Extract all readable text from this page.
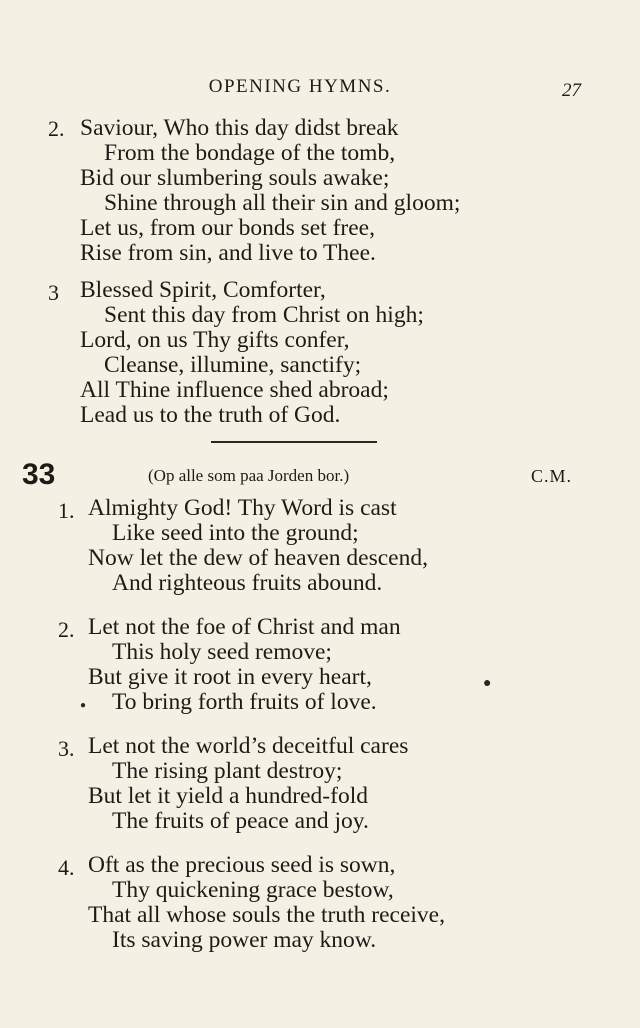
OPENING HYMNS.	27
2. Saviour, Who this day didst break
From the bondage of the tomb,
Bid our slumbering souls awake;
Shine through all their sin and gloom;
Let us, from our bonds set free,
Rise from sin, and live to Thee.
3 Blessed Spirit, Comforter,
Sent this day from Christ on high;
Lord, on us Thy gifts confer,
Cleanse, illumine, sanctify;
All Thine influence shed abroad;
Lead us to the truth of God.
33	(Op alle som paa Jorden bor.)	C.M.
1. Almighty God! Thy Word is cast
Like seed into the ground;
Now let the dew of heaven descend,
And righteous fruits abound.
2. Let not the foe of Christ and man
This holy seed remove;
But give it root in every heart,
To bring forth fruits of love.
●
●
3. Let not the world’s deceitful cares
The rising plant destroy;
But let it yield a hundred-fold
The fruits of peace and joy.
4. Oft as the precious seed is sown,
Thy quickening grace bestow,
That all whose souls the truth receive,
Its saving power may know.
